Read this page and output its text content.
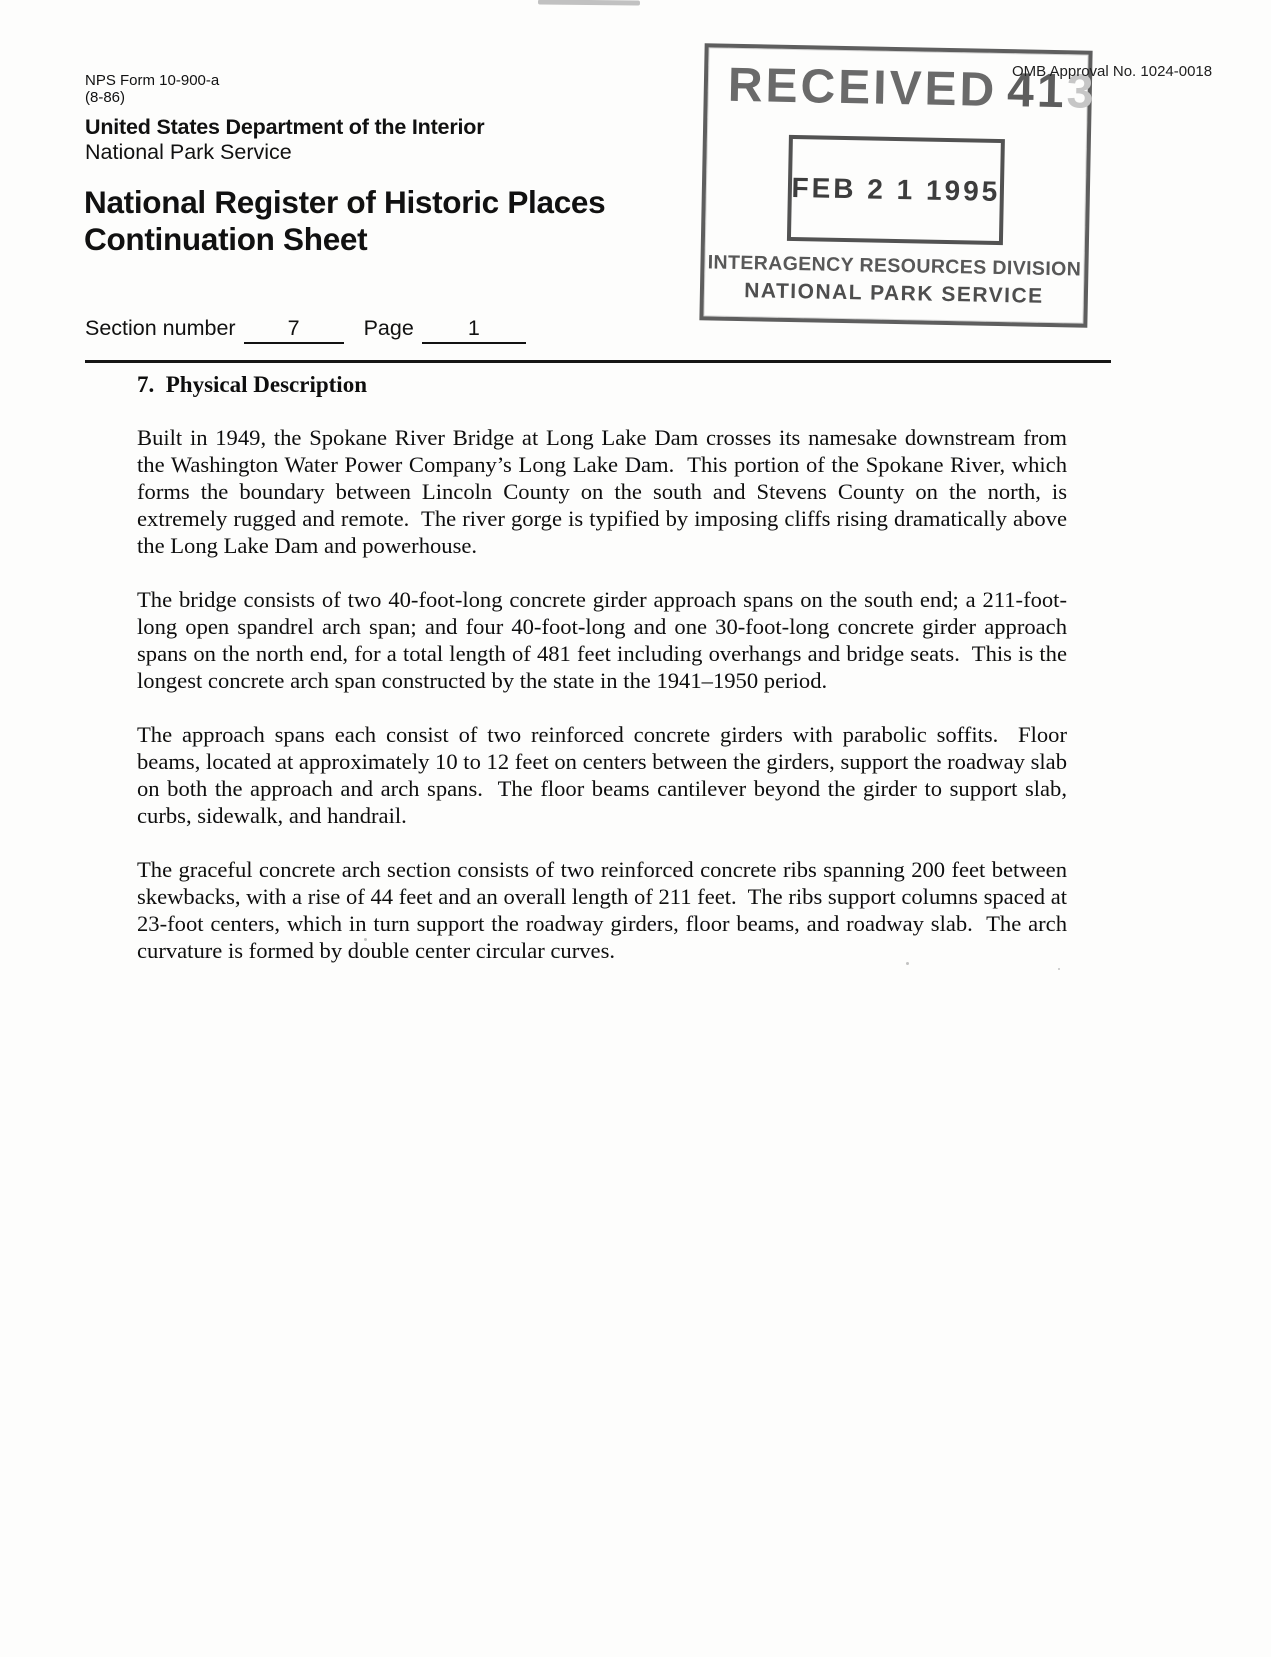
NPS Form 10-900-a
(8-86)
United States Department of the Interior
National Park Service
National Register of Historic Places
Continuation Sheet
Section number 7	Page	1
OMB Approval No. 1024-0018
RECEIVED 413
FEB 2 1 1995
INTERAGENCY RESOURCES DIVISION
NATIONAL PARK SERVICE
7.  Physical Description

Built in 1949, the Spokane River Bridge at Long Lake Dam crosses its namesake downstream from the Washington Water Power Company’s Long Lake Dam.  This portion of the Spokane River, which forms the boundary between Lincoln County on the south and Stevens County on the north, is extremely rugged and remote.  The river gorge is typified by imposing cliffs rising dramatically above the Long Lake Dam and powerhouse.

The bridge consists of two 40-foot-long concrete girder approach spans on the south end; a 211-foot-long open spandrel arch span; and four 40-foot-long and one 30-foot-long concrete girder approach spans on the north end, for a total length of 481 feet including overhangs and bridge seats.  This is the longest concrete arch span constructed by the state in the 1941–1950 period.

The approach spans each consist of two reinforced concrete girders with parabolic soffits.  Floor beams, located at approximately 10 to 12 feet on centers between the girders, support the roadway slab on both the approach and arch spans.  The floor beams cantilever beyond the girder to support slab, curbs, sidewalk, and handrail.

The graceful concrete arch section consists of two reinforced concrete ribs spanning 200 feet between skewbacks, with a rise of 44 feet and an overall length of 211 feet.  The ribs support columns spaced at 23-foot centers, which in turn support the roadway girders, floor beams, and roadway slab.  The arch curvature is formed by double center circular curves.
